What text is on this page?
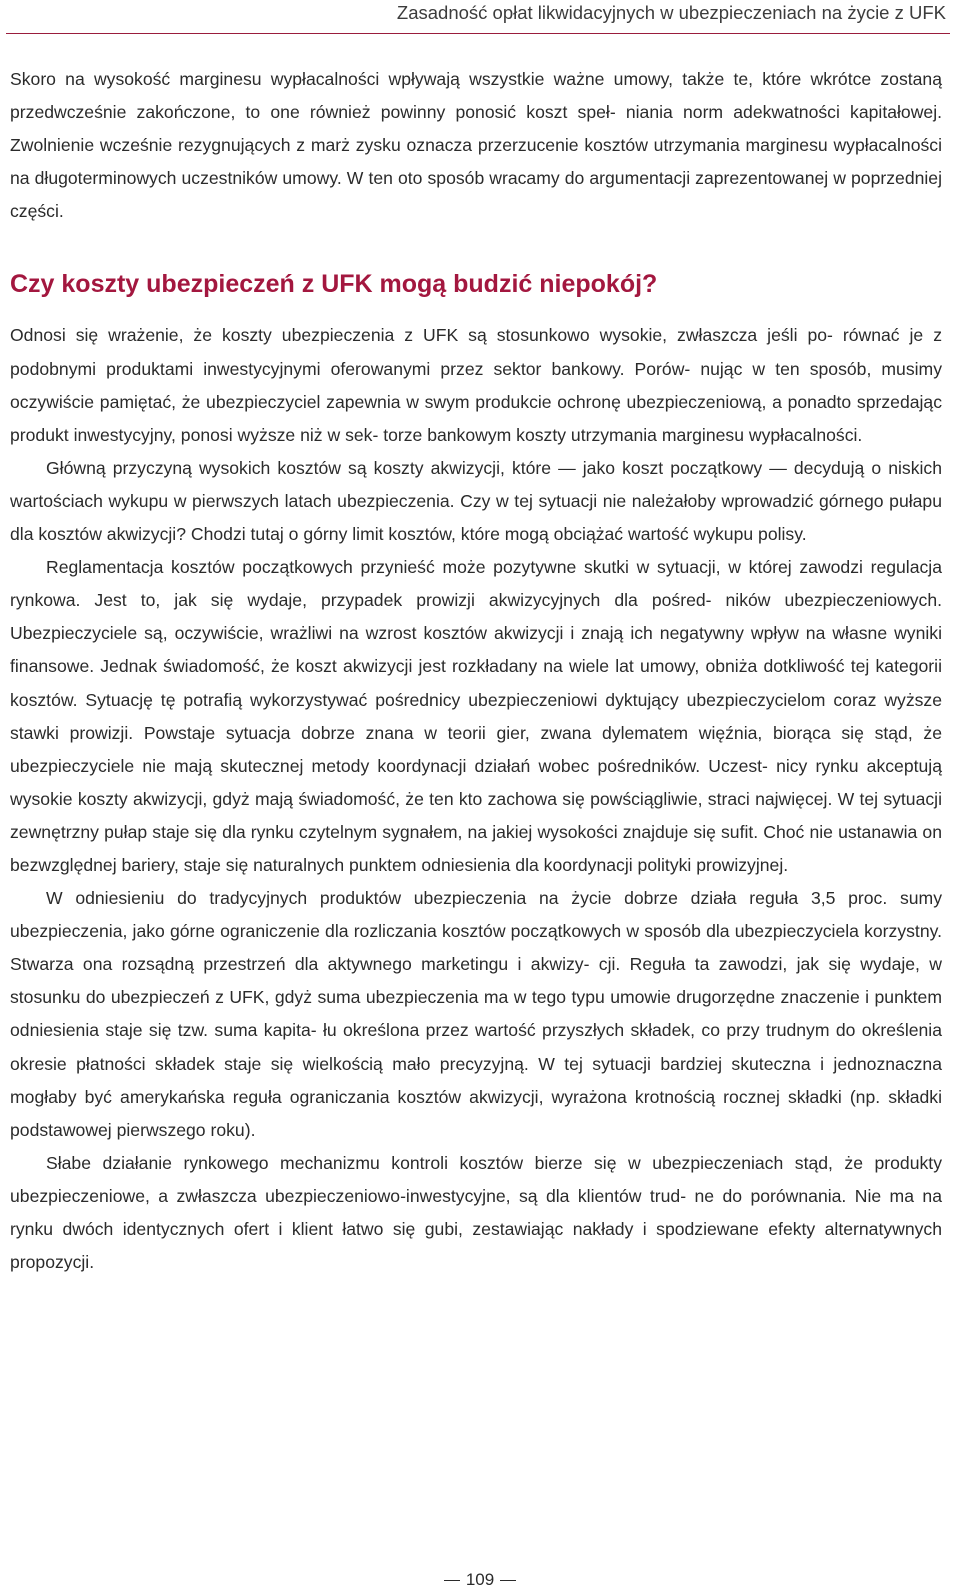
Zasadność opłat likwidacyjnych w ubezpieczeniach na życie z UFK

Skoro na wysokość marginesu wypłacalności wpływają wszystkie ważne umowy, także te, które wkrótce zostaną przedwcześnie zakończone, to one również powinny ponosić koszt speł- niania norm adekwatności kapitałowej. Zwolnienie wcześnie rezygnujących z marż zysku oznacza przerzucenie kosztów utrzymania marginesu wypłacalności na długoterminowych uczestników umowy. W ten oto sposób wracamy do argumentacji zaprezentowanej w poprzedniej części.

Czy koszty ubezpieczeń z UFK mogą budzić niepokój?

Odnosi się wrażenie, że koszty ubezpieczenia z UFK są stosunkowo wysokie, zwłaszcza jeśli po- równać je z podobnymi produktami inwestycyjnymi oferowanymi przez sektor bankowy. Porów- nując w ten sposób, musimy oczywiście pamiętać, że ubezpieczyciel zapewnia w swym produkcie ochronę ubezpieczeniową, a ponadto sprzedając produkt inwestycyjny, ponosi wyższe niż w sek- torze bankowym koszty utrzymania marginesu wypłacalności.

Główną przyczyną wysokich kosztów są koszty akwizycji, które — jako koszt początkowy — decydują o niskich wartościach wykupu w pierwszych latach ubezpieczenia. Czy w tej sytuacji nie należałoby wprowadzić górnego pułapu dla kosztów akwizycji? Chodzi tutaj o górny limit kosztów, które mogą obciążać wartość wykupu polisy.

Reglamentacja kosztów początkowych przynieść może pozytywne skutki w sytuacji, w której zawodzi regulacja rynkowa. Jest to, jak się wydaje, przypadek prowizji akwizycyjnych dla pośred- ników ubezpieczeniowych. Ubezpieczyciele są, oczywiście, wrażliwi na wzrost kosztów akwizycji i znają ich negatywny wpływ na własne wyniki finansowe. Jednak świadomość, że koszt akwizycji jest rozkładany na wiele lat umowy, obniża dotkliwość tej kategorii kosztów. Sytuację tę potrafią wykorzystywać pośrednicy ubezpieczeniowi dyktujący ubezpieczycielom coraz wyższe stawki prowizji. Powstaje sytuacja dobrze znana w teorii gier, zwana dylematem więźnia, biorąca się stąd, że ubezpieczyciele nie mają skutecznej metody koordynacji działań wobec pośredników. Uczest- nicy rynku akceptują wysokie koszty akwizycji, gdyż mają świadomość, że ten kto zachowa się powściągliwie, straci najwięcej. W tej sytuacji zewnętrzny pułap staje się dla rynku czytelnym sygnałem, na jakiej wysokości znajduje się sufit. Choć nie ustanawia on bezwzględnej bariery, staje się naturalnych punktem odniesienia dla koordynacji polityki prowizyjnej.

W odniesieniu do tradycyjnych produktów ubezpieczenia na życie dobrze działa reguła 3,5 proc. sumy ubezpieczenia, jako górne ograniczenie dla rozliczania kosztów początkowych w sposób dla ubezpieczyciela korzystny. Stwarza ona rozsądną przestrzeń dla aktywnego marketingu i akwizy- cji. Reguła ta zawodzi, jak się wydaje, w stosunku do ubezpieczeń z UFK, gdyż suma ubezpieczenia ma w tego typu umowie drugorzędne znaczenie i punktem odniesienia staje się tzw. suma kapita- łu określona przez wartość przyszłych składek, co przy trudnym do określenia okresie płatności składek staje się wielkością mało precyzyjną. W tej sytuacji bardziej skuteczna i jednoznaczna mogłaby być amerykańska reguła ograniczania kosztów akwizycji, wyrażona krotnością rocznej składki (np. składki podstawowej pierwszego roku).

Słabe działanie rynkowego mechanizmu kontroli kosztów bierze się w ubezpieczeniach stąd, że produkty ubezpieczeniowe, a zwłaszcza ubezpieczeniowo-inwestycyjne, są dla klientów trud- ne do porównania. Nie ma na rynku dwóch identycznych ofert i klient łatwo się gubi, zestawiając nakłady i spodziewane efekty alternatywnych propozycji.

109
